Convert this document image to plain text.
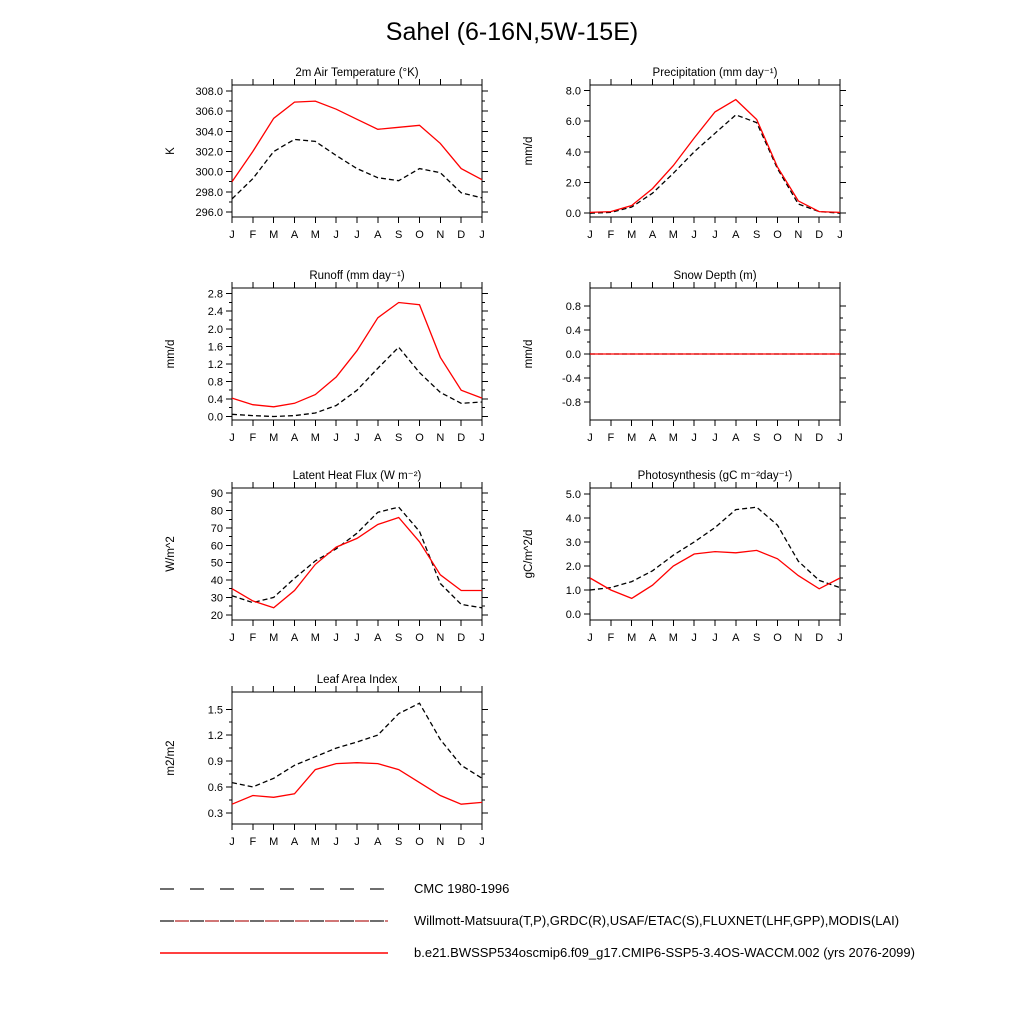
Sahel (6-16N,5W-15E)
2m Air Temperature (°K)
K
296.0
298.0
300.0
302.0
304.0
306.0
308.0
J F M A M J J A S O N D J
Precipitation (mm day⁻¹)
mm/d
0.0
2.0
4.0
6.0
8.0
J F M A M J J A S O N D J
Runoff (mm day⁻¹)
mm/d
0.0
0.4
0.8
1.2
1.6
2.0
2.4
2.8
J F M A M J J A S O N D J
Snow Depth (m)
mm/d
-0.8
-0.4
0.0
0.4
0.8
J F M A M J J A S O N D J
Latent Heat Flux (W m⁻²)
W/m^2
20
30
40
50
60
70
80
90
J F M A M J J A S O N D J
Photosynthesis (gC m⁻²day⁻¹)
gC/m^2/d
0.0
1.0
2.0
3.0
4.0
5.0
J F M A M J J A S O N D J
Leaf Area Index
m2/m2
0.3
0.6
0.9
1.2
1.5
J F M A M J J A S O N D J
CMC 1980-1996
Willmott-Matsuura(T,P),GRDC(R),USAF/ETAC(S),FLUXNET(LHF,GPP),MODIS(LAI)
b.e21.BWSSP534oscmip6.f09_g17.CMIP6-SSP5-3.4OS-WACCM.002 (yrs 2076-2099)
